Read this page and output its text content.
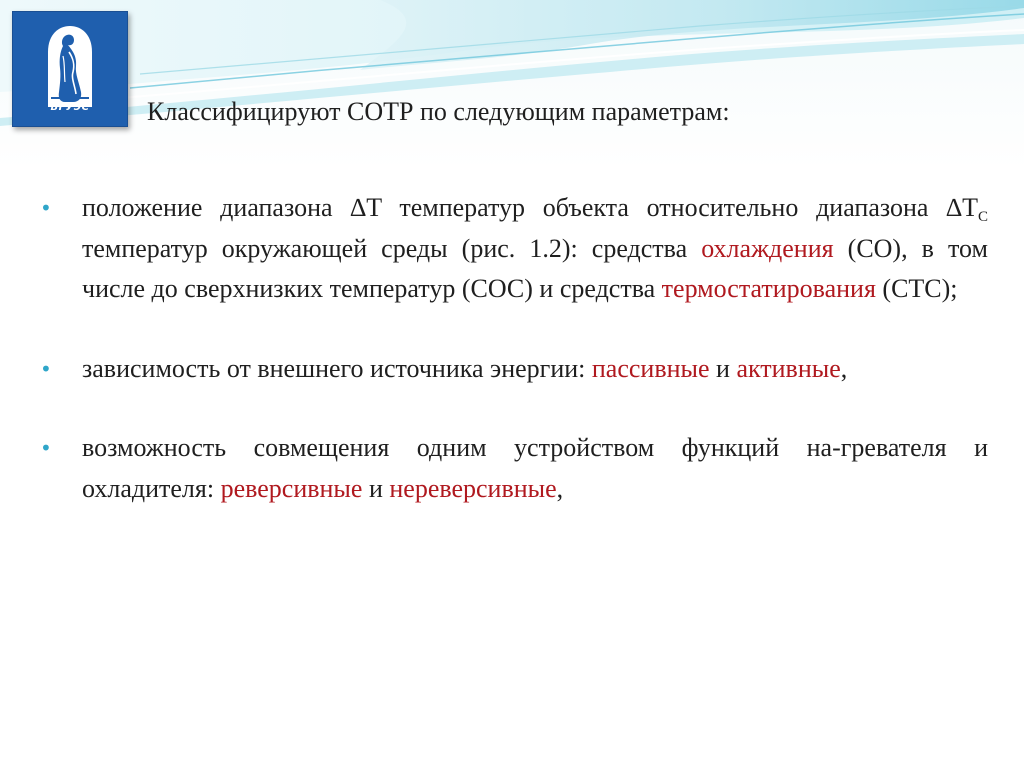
ВГУЭС	Классифицируют СОТР по следующим параметрам:
• положение диапазона ∆T температур объекта относительно диапазона $\Delta T_С$ температур окружающей среды (рис. 1.2): средства охлаждения (СО), в том числе до сверхнизких температур (СОС) и средства термостатирования (СТС);
• зависимость от внешнего источника энергии: пассивные и активные,
• возможность совмещения одним устройством функций на-гревателя и охладителя: реверсивные и нереверсивные,
